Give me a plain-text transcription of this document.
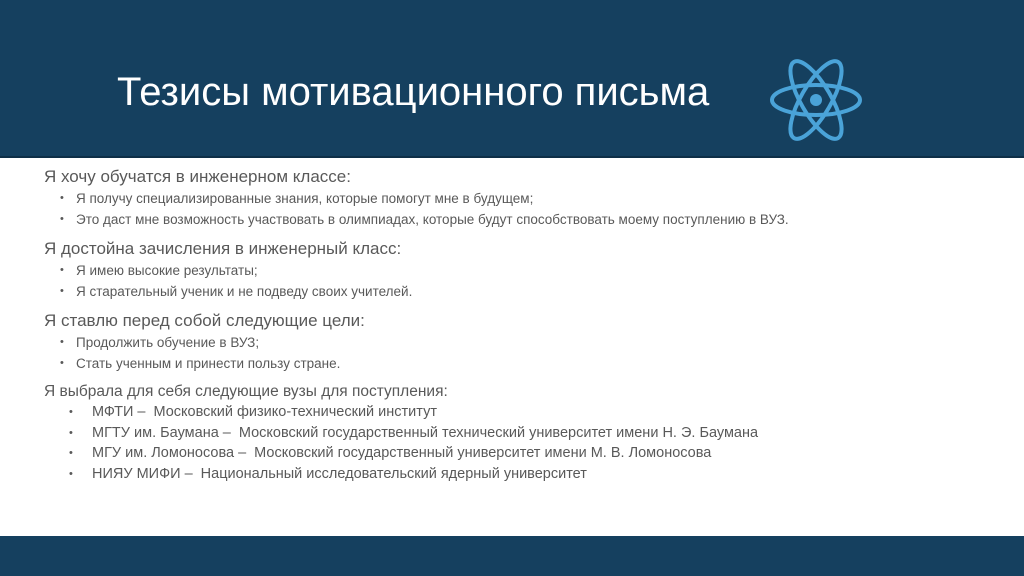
Тезисы мотивационного письма
Я хочу обучатся в инженерном классе:
• Я получу специализированные знания, которые помогут мне в будущем;
• Это даст мне возможность участвовать в олимпиадах, которые будут способствовать моему поступлению в ВУЗ.
Я достойна зачисления в инженерный класс:
• Я имею высокие результаты;
• Я старательный ученик и не подведу своих учителей.
Я ставлю перед собой следующие цели:
• Продолжить обучение в ВУЗ;
• Стать ученным и принести пользу стране.
Я выбрала для себя следующие вузы для поступления:
• МФТИ – Московский физико-технический институт
• МГТУ им. Баумана – Московский государственный технический университет имени Н. Э. Баумана
• МГУ им. Ломоносова – Московский государственный университет имени М. В. Ломоносова
• НИЯУ МИФИ – Национальный исследовательский ядерный университет
